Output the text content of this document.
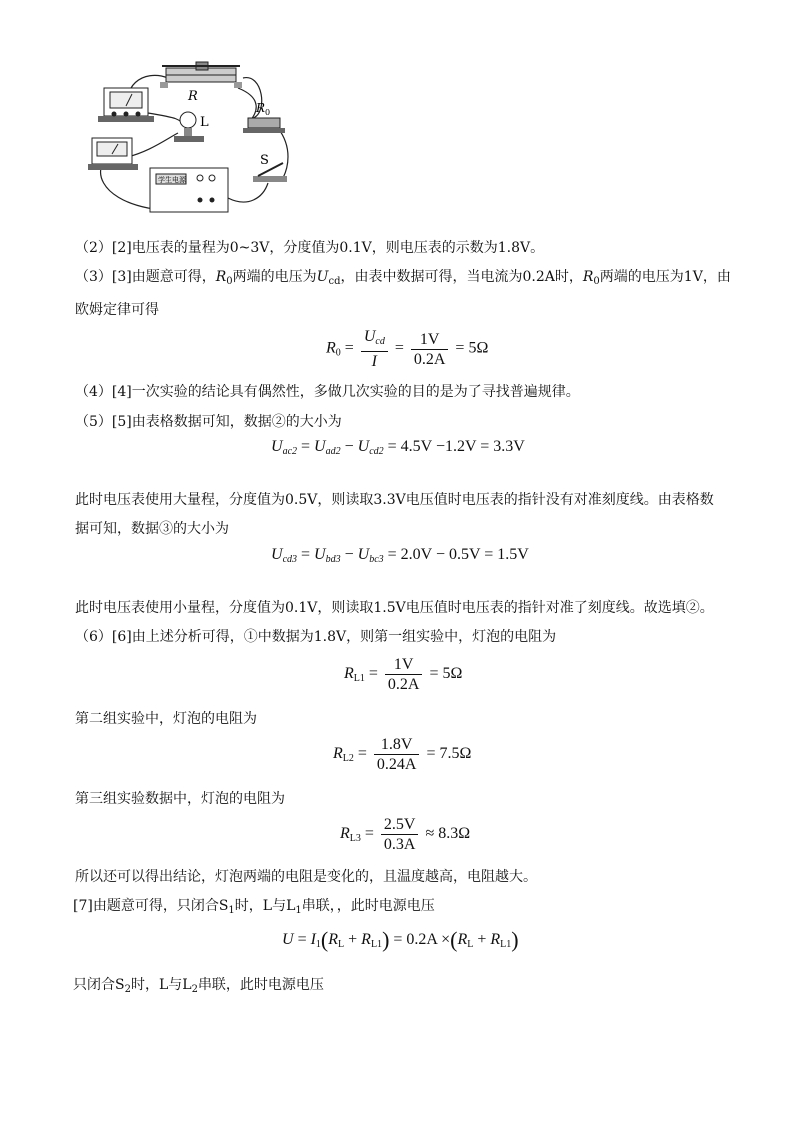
R
$R_0$
L
学生电源
S
（2）[2]电压表的量程为0~3V，分度值为0.1V，则电压表的示数为1.8V。
（3）[3]由题意可得，$R_0$两端的电压为$U_{cd}$，由表中数据可得，当电流为0.2A时，$R_0$两端的电压为1V，由
欧姆定律可得
$R_0 = \frac{U_{cd}}{I} = \frac{1V}{0.2A} = 5\Omega$
（4）[4]一次实验的结论具有偶然性，多做几次实验的目的是为了寻找普遍规律。
（5）[5]由表格数据可知，数据②的大小为
$U_{ac2} = U_{ad2} - U_{cd2} = 4.5V -1.2V = 3.3V$
此时电压表使用大量程，分度值为0.5V，则读取3.3V电压值时电压表的指针没有对准刻度线。由表格数
据可知，数据③的大小为
$U_{cd3} = U_{bd3} - U_{bc3} = 2.0V - 0.5V = 1.5V$
此时电压表使用小量程，分度值为0.1V，则读取1.5V电压值时电压表的指针对准了刻度线。故选填②。
（6）[6]由上述分析可得，①中数据为1.8V，则第一组实验中，灯泡的电阻为
$R_{L1} = \frac{1V}{0.2A} = 5\Omega$
第二组实验中，灯泡的电阻为
$R_{L2} = \frac{1.8V}{0.24A} = 7.5\Omega$
第三组实验数据中，灯泡的电阻为
$R_{L3} = \frac{2.5V}{0.3A} \approx 8.3\Omega$
所以还可以得出结论，灯泡两端的电阻是变化的，且温度越高，电阻越大。
[7]由题意可得，只闭合$S_1$时，L与$L_1$串联，，此时电源电压
$U = I_1(R_L + R_{L1}) = 0.2A \times(R_L + R_{L1})$
只闭合$S_2$时，L与$L_2$串联，此时电源电压
